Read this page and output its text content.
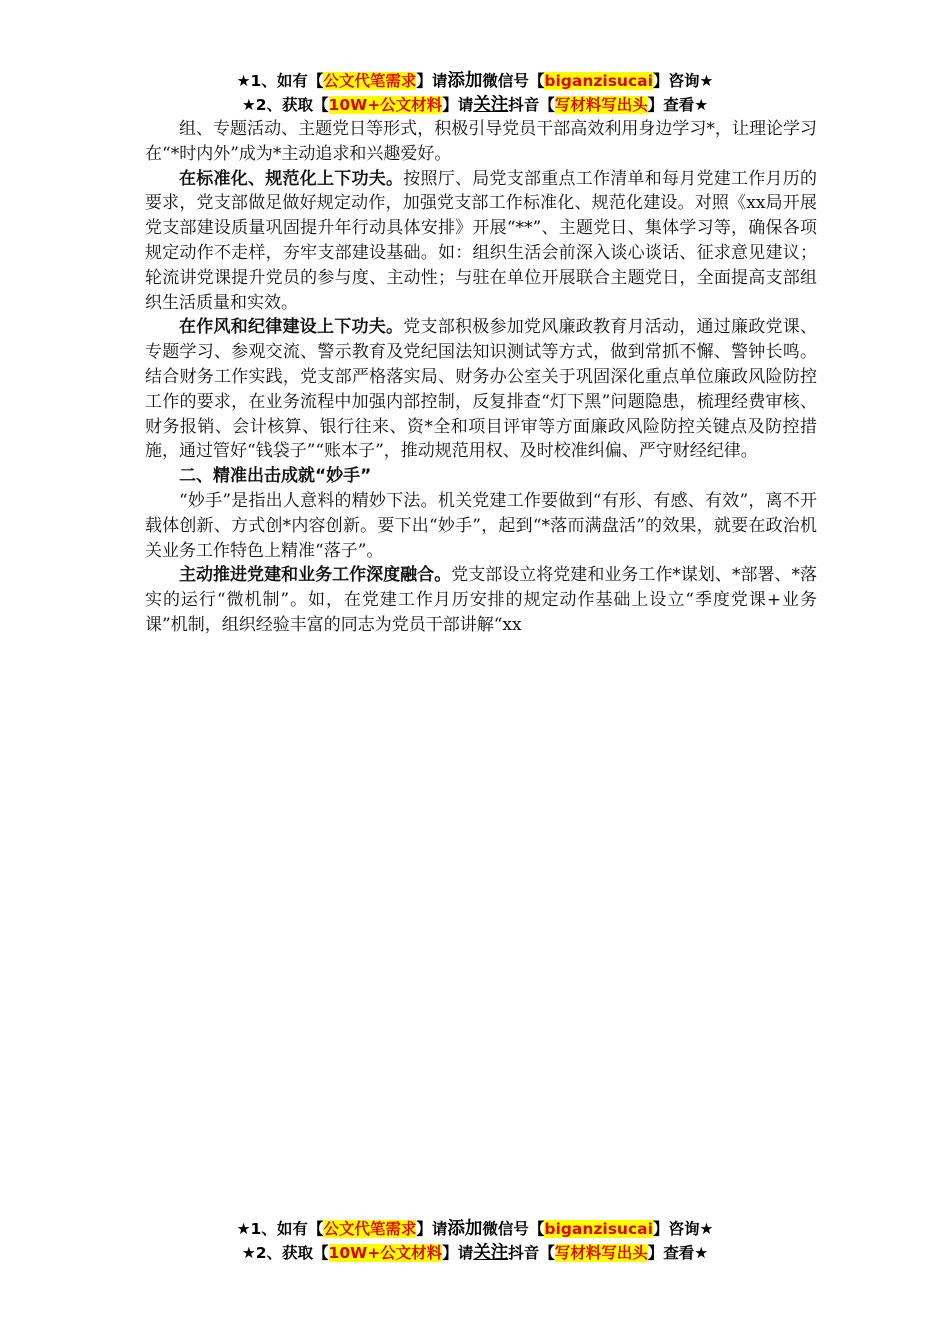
★1、如有【公文代笔需求】请添加微信号【biganzisucai】咨询★
★2、获取【10W+公文材料】请关注抖音【写材料写出头】查看★

组、专题活动、主题党日等形式，积极引导党员干部高效利用身边学习*，让理论学习在“*时内外”成为*主动追求和兴趣爱好。

在标准化、规范化上下功夫。按照厅、局党支部重点工作清单和每月党建工作月历的要求，党支部做足做好规定动作，加强党支部工作标准化、规范化建设。对照《xx局开展党支部建设质量巩固提升年行动具体安排》开展“**”、主题党日、集体学习等，确保各项规定动作不走样，夯牢支部建设基础。如：组织生活会前深入谈心谈话、征求意见建议；轮流讲党课提升党员的参与度、主动性；与驻在单位开展联合主题党日，全面提高支部组织生活质量和实效。

在作风和纪律建设上下功夫。党支部积极参加党风廉政教育月活动，通过廉政党课、专题学习、参观交流、警示教育及党纪国法知识测试等方式，做到常抓不懈、警钟长鸣。结合财务工作实践，党支部严格落实局、财务办公室关于巩固深化重点单位廉政风险防控工作的要求，在业务流程中加强内部控制，反复排查“灯下黑”问题隐患，梳理经费审核、财务报销、会计核算、银行往来、资*全和项目评审等方面廉政风险防控关键点及防控措施，通过管好“钱袋子”“账本子”，推动规范用权、及时校准纠偏、严守财经纪律。

二、精准出击成就“妙手”

“妙手”是指出人意料的精妙下法。机关党建工作要做到“有形、有感、有效”，离不开载体创新、方式创*内容创新。要下出“妙手”，起到“*落而满盘活”的效果，就要在政治机关业务工作特色上精准“落子”。

主动推进党建和业务工作深度融合。党支部设立将党建和业务工作*谋划、*部署、*落实的运行“微机制”。如，在党建工作月历安排的规定动作基础上设立“季度党课+业务课”机制，组织经验丰富的同志为党员干部讲解“xx

★1、如有【公文代笔需求】请添加微信号【biganzisucai】咨询★
★2、获取【10W+公文材料】请关注抖音【写材料写出头】查看★
